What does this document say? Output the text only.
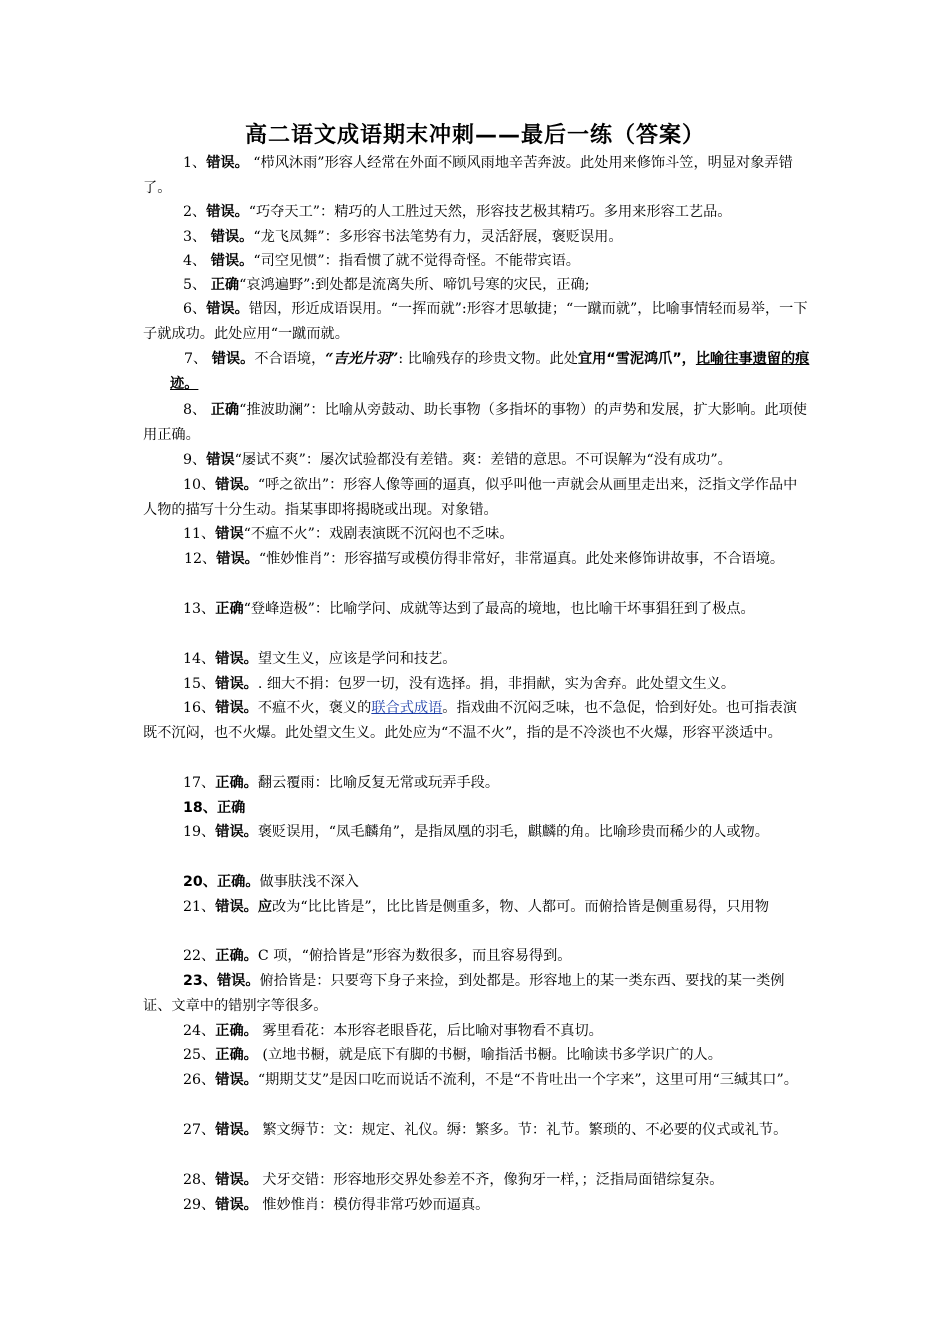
高二语文成语期末冲刺——最后一练（答案）
1、错误。 “栉风沐雨”形容人经常在外面不顾风雨地辛苦奔波。此处用来修饰斗笠，明显对象弄错了。
2、错误。“巧夺天工”：精巧的人工胜过天然，形容技艺极其精巧。多用来形容工艺品。
3、 错误。“龙飞凤舞”：多形容书法笔势有力，灵活舒展，褒贬误用。
4、 错误。“司空见惯”：指看惯了就不觉得奇怪。不能带宾语。
5、 正确“哀鸿遍野”:到处都是流离失所、啼饥号寒的灾民，正确;
6、错误。错因，形近成语误用。“一挥而就”:形容才思敏捷；“一蹴而就”，比喻事情轻而易举，一下子就成功。此处应用“一蹴而就。
7、 错误。不合语境，“吉光片羽”: 比喻残存的珍贵文物。此处宜用“雪泥鸿爪”，比喻往事遗留的痕迹。
8、 正确“推波助澜”：比喻从旁鼓动、助长事物（多指坏的事物）的声势和发展，扩大影响。此项使用正确。
9、错误“屡试不爽”：屡次试验都没有差错。爽：差错的意思。不可误解为“没有成功”。
10、错误。“呼之欲出”：形容人像等画的逼真，似乎叫他一声就会从画里走出来，泛指文学作品中人物的描写十分生动。指某事即将揭晓或出现。对象错。
11、错误“不瘟不火”：戏剧表演既不沉闷也不乏味。
12、错误。“惟妙惟肖”：形容描写或模仿得非常好，非常逼真。此处来修饰讲故事，不合语境。
13、正确“登峰造极”：比喻学问、成就等达到了最高的境地，也比喻干坏事猖狂到了极点。
14、错误。望文生义，应该是学问和技艺。
15、错误。. 细大不捐：包罗一切，没有选择。捐，非捐献，实为舍弃。此处望文生义。
16、错误。不瘟不火，褒义的联合式成语。指戏曲不沉闷乏味，也不急促，恰到好处。也可指表演既不沉闷，也不火爆。此处望文生义。此处应为“不温不火”，指的是不冷淡也不火爆，形容平淡适中。
17、正确。翻云覆雨：比喻反复无常或玩弄手段。
18、正确
19、错误。褒贬误用，“凤毛麟角”，是指凤凰的羽毛，麒麟的角。比喻珍贵而稀少的人或物。
20、正确。做事肤浅不深入
21、错误。应改为“比比皆是”，比比皆是侧重多，物、人都可。而俯拾皆是侧重易得，只用物
22、正确。C 项，“俯拾皆是”形容为数很多，而且容易得到。
23、错误。俯拾皆是：只要弯下身子来捡，到处都是。形容地上的某一类东西、要找的某一类例证、文章中的错别字等很多。
24、正确。 雾里看花：本形容老眼昏花，后比喻对事物看不真切。
25、正确。 (立地书橱，就是底下有脚的书橱，喻指活书橱。比喻读书多学识广的人。
26、错误。“期期艾艾”是因口吃而说话不流利，不是“不肯吐出一个字来”，这里可用“三缄其口”。
27、错误。 繁文缛节：文：规定、礼仪。缛：繁多。节：礼节。繁琐的、不必要的仪式或礼节。
28、错误。 犬牙交错：形容地形交界处参差不齐，像狗牙一样，；泛指局面错综复杂。
29、错误。 惟妙惟肖：模仿得非常巧妙而逼真。
